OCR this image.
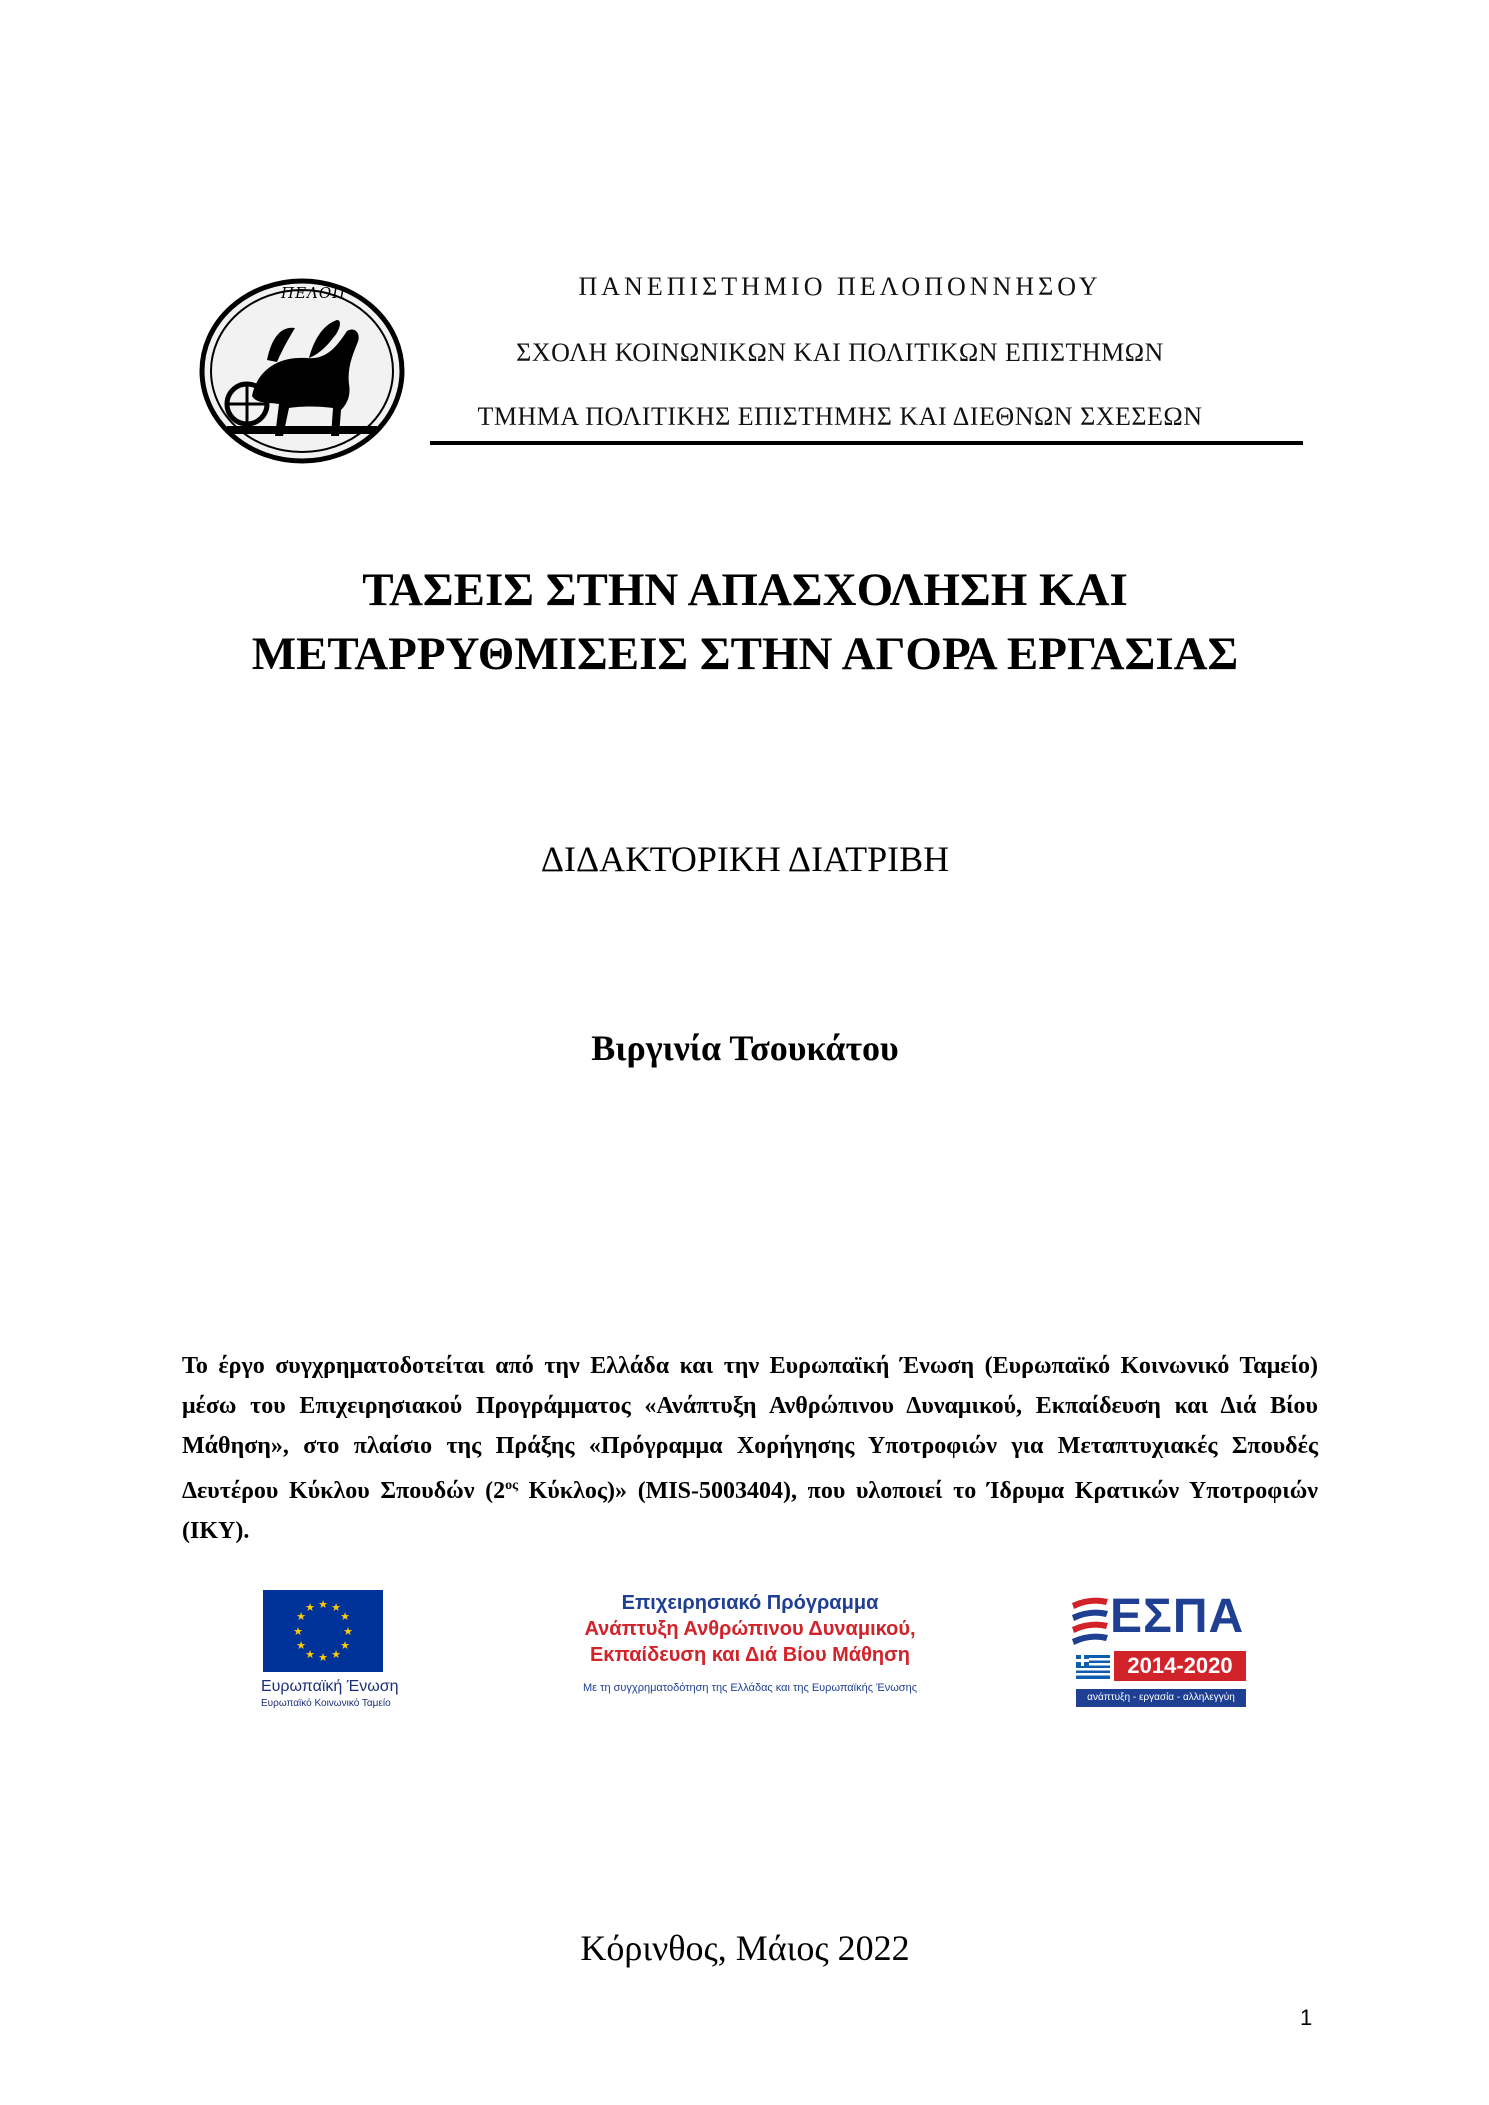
ΠΕΛΟΠ	ΠΑΝΕΠΙΣΤΗΜΙΟ ΠΕΛΟΠΟΝΝΗΣΟΥ
ΣΧΟΛΗ ΚΟΙΝΩΝΙΚΩΝ ΚΑΙ ΠΟΛΙΤΙΚΩΝ ΕΠΙΣΤΗΜΩΝ
ΤΜΗΜΑ ΠΟΛΙΤΙΚΗΣ ΕΠΙΣΤΗΜΗΣ ΚΑΙ ΔΙΕΘΝΩΝ ΣΧΕΣΕΩΝ
ΤΑΣΕΙΣ ΣΤΗΝ ΑΠΑΣΧΟΛΗΣΗ ΚΑΙ
ΜΕΤΑΡΡΥΘΜΙΣΕΙΣ ΣΤΗΝ ΑΓΟΡΑ ΕΡΓΑΣΙΑΣ
ΔΙΔΑΚΤΟΡΙΚΗ ΔΙΑΤΡΙΒΗ
Βιργινία Τσουκάτου
Το έργο συγχρηματοδοτείται από την Ελλάδα και την Ευρωπαϊκή Ένωση (Ευρωπαϊκό Κοινωνικό Ταμείο) μέσω του Επιχειρησιακού Προγράμματος «Ανάπτυξη Ανθρώπινου Δυναμικού, Εκπαίδευση και Διά Βίου Μάθηση», στο πλαίσιο της Πράξης «Πρόγραμμα Χορήγησης Υποτροφιών για Μεταπτυχιακές Σπουδές Δευτέρου Κύκλου Σπουδών ($2^{o\varsigma}$ Κύκλος)» (MIS-5003404), που υλοποιεί το Ίδρυμα Κρατικών Υποτροφιών (ΙΚΥ).
★ ★
★
★
★
★
★
★
★
★
★
★
Ευρωπαϊκή Ένωση
Ευρωπαϊκό Κοινωνικό Ταμείο
Επιχειρησιακό Πρόγραμμα
Ανάπτυξη Ανθρώπινου Δυναμικού,
Εκπαίδευση και Διά Βίου Μάθηση
Με τη συγχρηματοδότηση της Ελλάδας και της Ευρωπαϊκής Ένωσης
ΕΣΠΑ
2014-2020
ανάπτυξη - εργασία - αλληλεγγύη
Κόρινθος, Μάιος 2022
1
